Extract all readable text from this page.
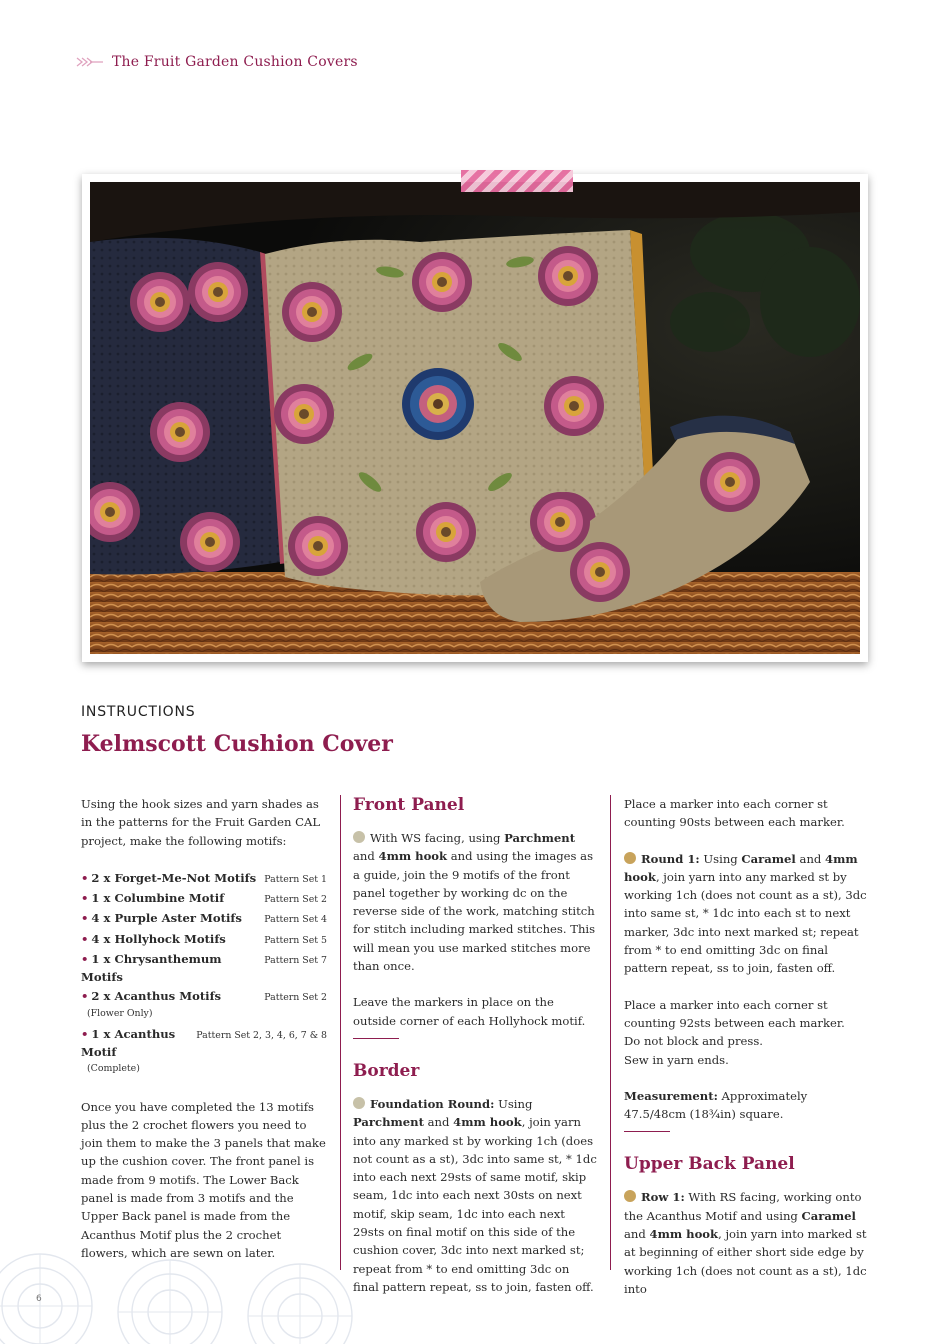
The Fruit Garden Cushion Covers
INSTRUCTIONS
Kelmscott Cushion Cover

Using the hook sizes and yarn shades as in the patterns for the Fruit Garden CAL project, make the following motifs:

• 2 x Forget-Me-Not Motifs Pattern Set 1
• 1 x Columbine Motif	Pattern Set 2
• 4 x Purple Aster Motifs Pattern Set 4
• 4 x Hollyhock Motifs	Pattern Set 5
• 1 x Chrysanthemum Motifs
Pattern Set 7
• 2 x Acanthus Motifs	Pattern Set 2
(Flower Only)
• 1 x Acanthus Motif
Pattern Set 2, 3, 4, 6, 7 & 8
(Complete)

Once you have completed the 13 motifs plus the 2 crochet flowers you need to join them to make the 3 panels that make up the cushion cover. The front panel is made from 9 motifs. The Lower Back panel is made from 3 motifs and the Upper Back panel is made from the Acanthus Motif plus the 2 crochet flowers, which are sewn on later.

Front Panel

With WS facing, using Parchment and 4mm hook and using the images as a guide, join the 9 motifs of the front panel together by working dc on the reverse side of the work, matching stitch for stitch including marked stitches. This will mean you use marked stitches more than once.

Leave the markers in place on the outside corner of each Hollyhock motif.

Border

Foundation Round: Using Parchment and 4mm hook, join yarn into any marked st by working 1ch (does not count as a st), 3dc into same st, * 1dc into each next 29sts of same motif, skip seam, 1dc into each next 30sts on next motif, skip seam, 1dc into each next 29sts on final motif on this side of the cushion cover, 3dc into next marked st; repeat from * to end omitting 3dc on final pattern repeat, ss to join, fasten off.

Place a marker into each corner st counting 90sts between each marker.

Round 1: Using Caramel and 4mm hook, join yarn into any marked st by working 1ch (does not count as a st), 3dc into same st, * 1dc into each st to next marker, 3dc into next marked st; repeat from * to end omitting 3dc on final pattern repeat, ss to join, fasten off.

Place a marker into each corner st counting 92sts between each marker.

Do not block and press.

Sew in yarn ends.

Measurement: Approximately 47.5/48cm (18¾in) square.

Upper Back Panel

Row 1: With RS facing, working onto the Acanthus Motif and using Caramel and 4mm hook, join yarn into marked st at beginning of either short side edge by working 1ch (does not count as a st), 1dc into

6
